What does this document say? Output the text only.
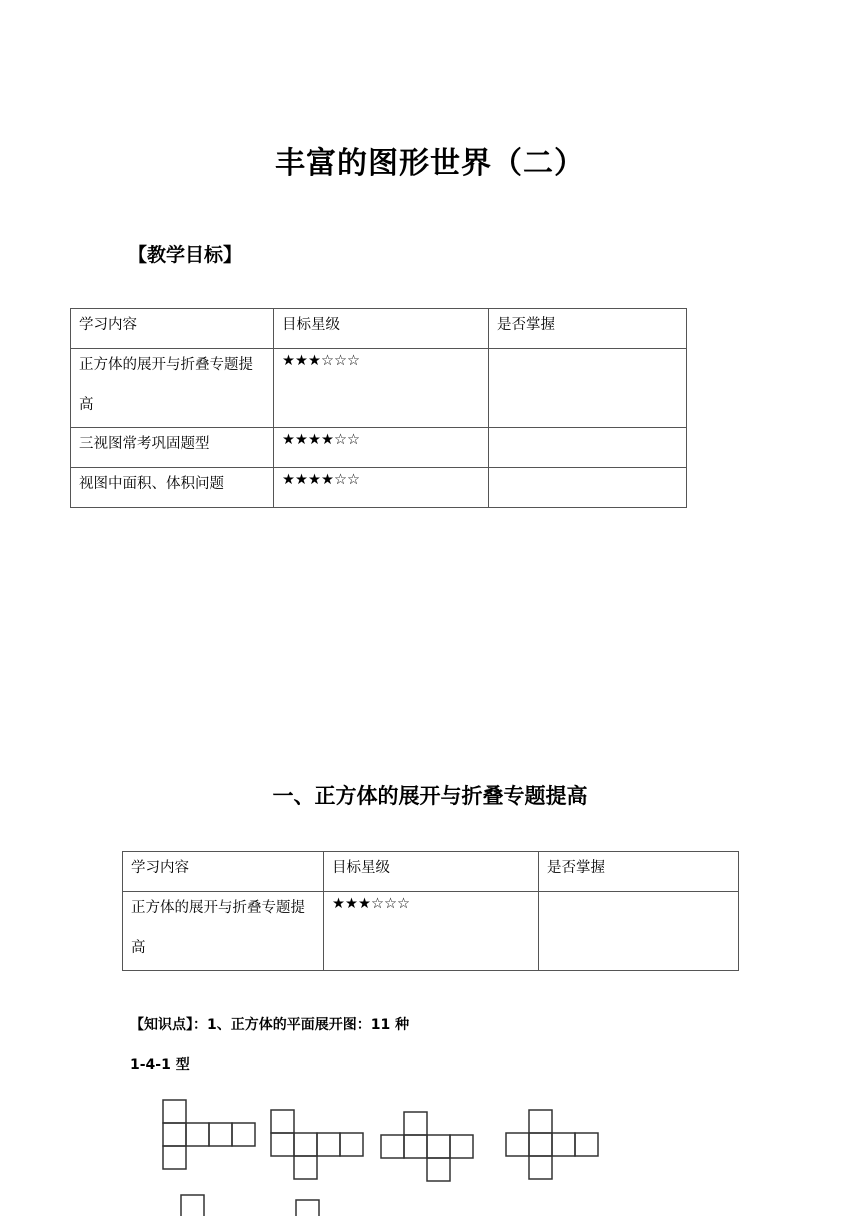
丰富的图形世界（二）
【教学目标】
学习内容	目标星级	是否掌握

正方体的展开与折叠专题提
高	★★★☆☆☆	
三视图常考巩固题型	★★★★☆☆	
视图中面积、体积问题	★★★★☆☆	
一、正方体的展开与折叠专题提高
学习内容	目标星级	是否掌握

正方体的展开与折叠专题提
高	★★★☆☆☆	
【知识点】：1、正方体的平面展开图：11 种
1-4-1 型
